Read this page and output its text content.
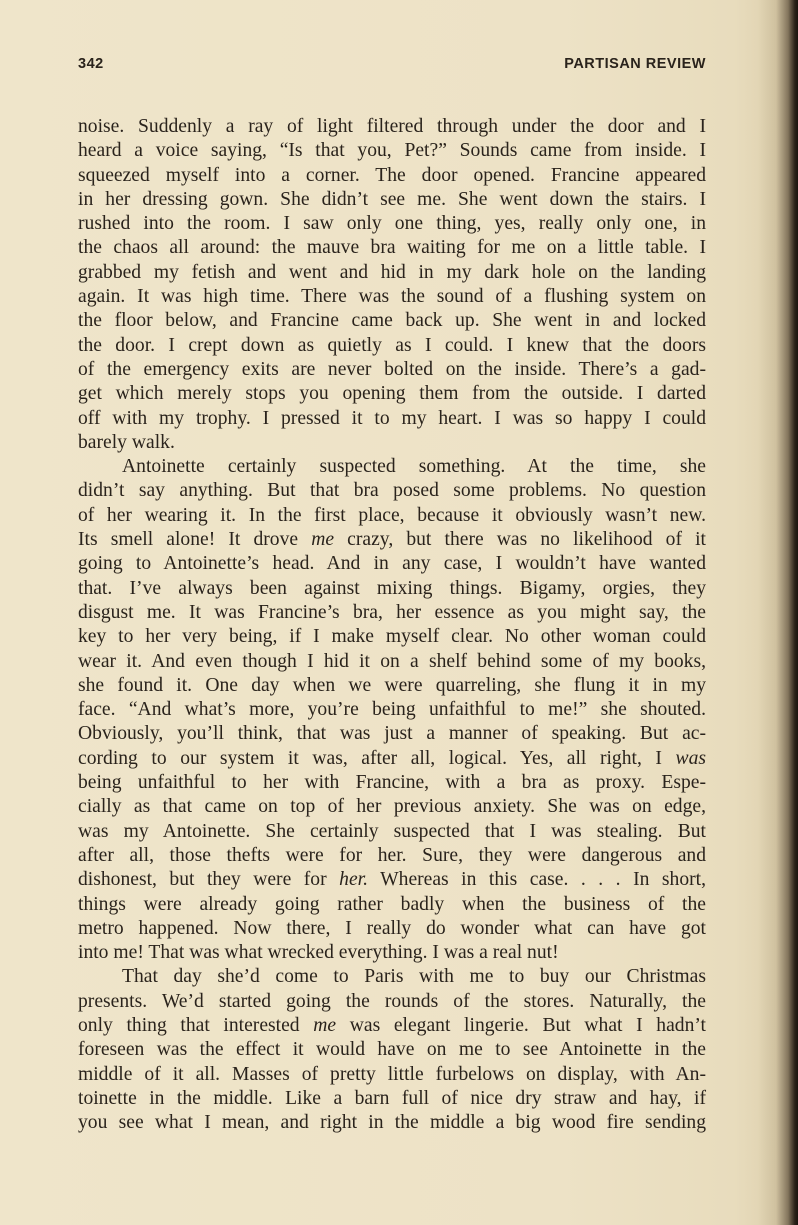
342	PARTISAN REVIEW
noise. Suddenly a ray of light filtered through under the door and I
heard a voice saying, “Is that you, Pet?” Sounds came from inside. I
squeezed myself into a corner. The door opened. Francine appeared
in her dressing gown. She didn’t see me. She went down the stairs. I
rushed into the room. I saw only one thing, yes, really only one, in
the chaos all around: the mauve bra waiting for me on a little table. I
grabbed my fetish and went and hid in my dark hole on the landing
again. It was high time. There was the sound of a flushing system on
the floor below, and Francine came back up. She went in and locked
the door. I crept down as quietly as I could. I knew that the doors
of the emergency exits are never bolted on the inside. There’s a gad-
get which merely stops you opening them from the outside. I darted
off with my trophy. I pressed it to my heart. I was so happy I could
barely walk.
Antoinette certainly suspected something. At the time, she
didn’t say anything. But that bra posed some problems. No question
of her wearing it. In the first place, because it obviously wasn’t new.
Its smell alone! It drove me crazy, but there was no likelihood of it
going to Antoinette’s head. And in any case, I wouldn’t have wanted
that. I’ve always been against mixing things. Bigamy, orgies, they
disgust me. It was Francine’s bra, her essence as you might say, the
key to her very being, if I make myself clear. No other woman could
wear it. And even though I hid it on a shelf behind some of my books,
she found it. One day when we were quarreling, she flung it in my
face. “And what’s more, you’re being unfaithful to me!” she shouted.
Obviously, you’ll think, that was just a manner of speaking. But ac-
cording to our system it was, after all, logical. Yes, all right, I was
being unfaithful to her with Francine, with a bra as proxy. Espe-
cially as that came on top of her previous anxiety. She was on edge,
was my Antoinette. She certainly suspected that I was stealing. But
after all, those thefts were for her. Sure, they were dangerous and
dishonest, but they were for her. Whereas in this case. . . . In short,
things were already going rather badly when the business of the
metro happened. Now there, I really do wonder what can have got
into me! That was what wrecked everything. I was a real nut!
That day she’d come to Paris with me to buy our Christmas
presents. We’d started going the rounds of the stores. Naturally, the
only thing that interested me was elegant lingerie. But what I hadn’t
foreseen was the effect it would have on me to see Antoinette in the
middle of it all. Masses of pretty little furbelows on display, with An-
toinette in the middle. Like a barn full of nice dry straw and hay, if
you see what I mean, and right in the middle a big wood fire sending
